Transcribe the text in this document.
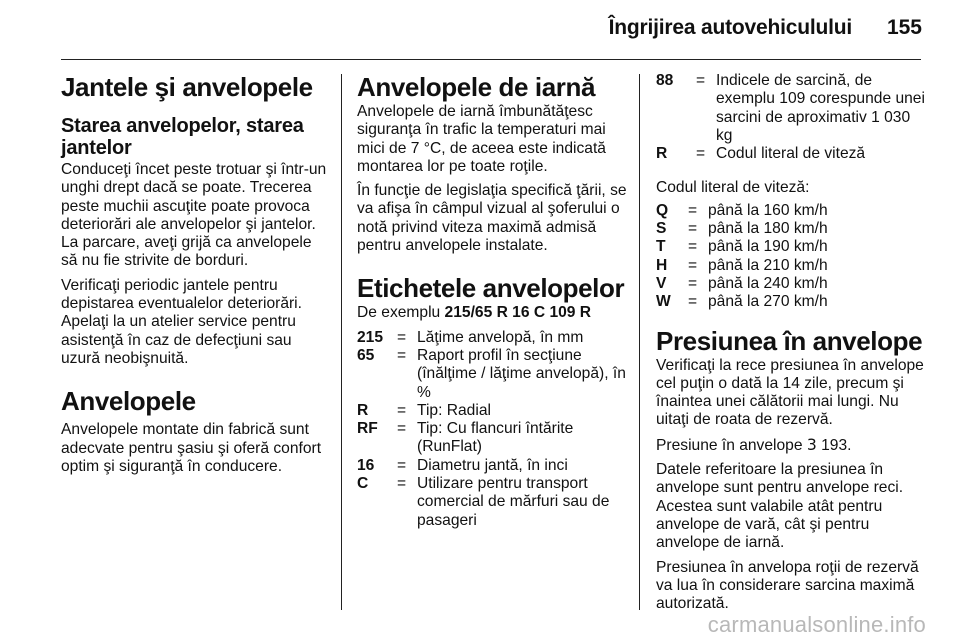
Îngrijirea autovehiculului 155
Jantele şi anvelopele
Starea anvelopelor, starea jantelor

Conduceţi încet peste trotuar şi într-un unghi drept dacă se poate. Trecerea peste muchii ascuţite poate provoca deteriorări ale anvelopelor şi jantelor. La parcare, aveţi grijă ca anvelopele să nu fie strivite de borduri.

Verificaţi periodic jantele pentru depistarea eventualelor deteriorări. Apelaţi la un atelier service pentru asistenţă în caz de defecţiuni sau uzură neobişnuită.

Anvelopele

Anvelopele montate din fabrică sunt adecvate pentru şasiu şi oferă confort optim şi siguranţă în conducere.

Anvelopele de iarnă

Anvelopele de iarnă îmbunătăţesc siguranţa în trafic la temperaturi mai mici de 7 °C, de aceea este indicată montarea lor pe toate roţile.

În funcţie de legislaţia specifică ţării, se va afişa în câmpul vizual al şoferului o notă privind viteza maximă admisă pentru anvelopele instalate.

Etichetele anvelopelor

De exemplu 215/65 R 16 C 109 R

215 = Lăţime anvelopă, în mm
65	= Raport profil în secţiune (înălţime / lăţime anvelopă), în %
R	= Tip: Radial
RF	= Tip: Cu flancuri întărite (RunFlat)
16	= Diametru jantă, în inci
C	= Utilizare pentru transport comercial de mărfuri sau de pasageri
88	= Indicele de sarcină, de exemplu 109 corespunde unei sarcini de aproximativ 1 030 kg
R	= Codul literal de viteză

Codul literal de viteză:

Q	= până la 160 km/h
S	= până la 180 km/h
T	= până la 190 km/h
H	= până la 210 km/h
V	= până la 240 km/h
W	= până la 270 km/h
Presiunea în anvelope

Verificaţi la rece presiunea în anvelope cel puţin o dată la 14 zile, precum şi înaintea unei călătorii mai lungi. Nu uitaţi de roata de rezervă.

Presiune în anvelope 3 193.

Datele referitoare la presiunea în anvelope sunt pentru anvelope reci. Acestea sunt valabile atât pentru anvelope de vară, cât şi pentru anvelope de iarnă.

Presiunea în anvelopa roţii de rezervă va lua în considerare sarcina maximă autorizată.

carmanualsonline.info
